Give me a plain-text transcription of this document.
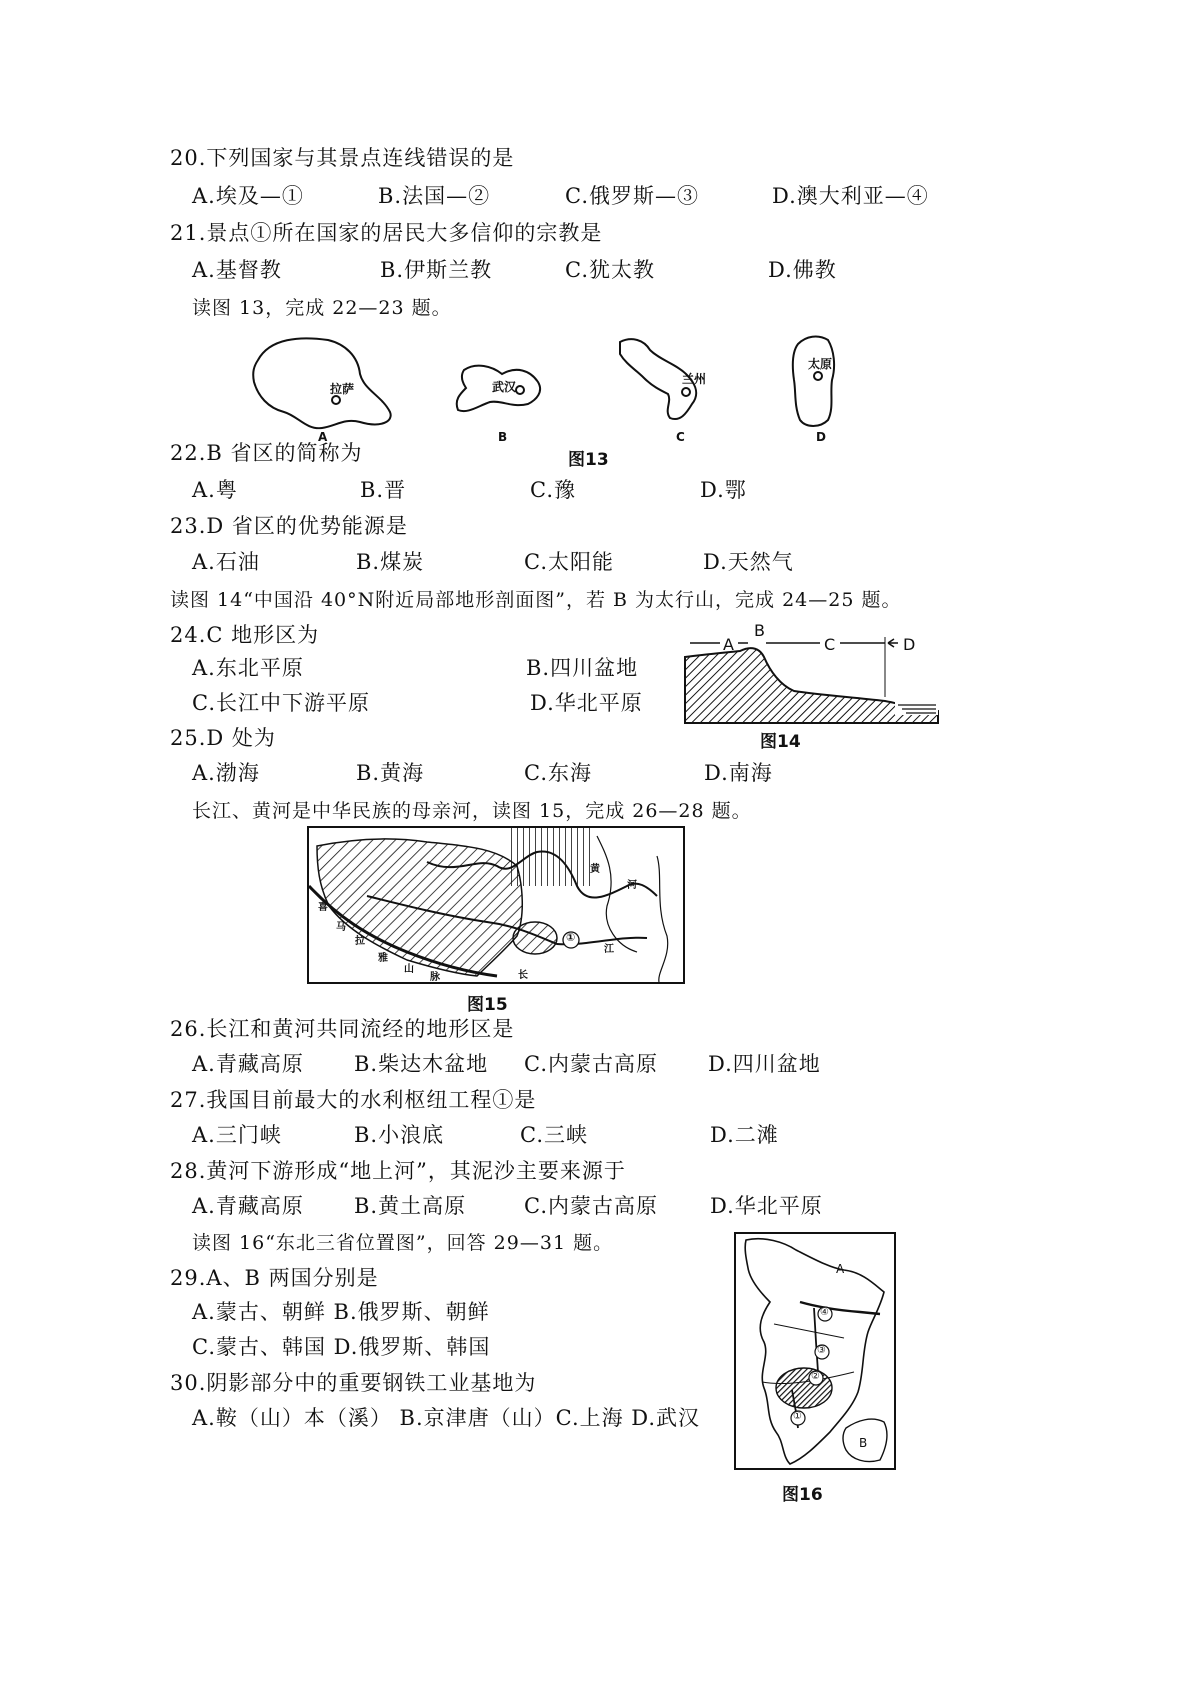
20.下列国家与其景点连线错误的是
A.埃及—①	B.法国—②	C.俄罗斯—③	D.澳大利亚—④
21.景点①所在国家的居民大多信仰的宗教是
A.基督教	B.伊斯兰教	C.犹太教	D.佛教
读图 13，完成 22—23 题。
拉萨	武汉
兰州
太原
A	B	C	D
图13
22.B 省区的简称为
A.粤	B.晋	C.豫	D.鄂
23.D 省区的优势能源是
A.石油	B.煤炭	C.太阳能	D.天然气
读图 14“中国沿 40°N附近局部地形剖面图”，若 B 为太行山，完成 24—25 题。
24.C 地形区为
A.东北平原	B.四川盆地
C.长江中下游平原	D.华北平原
A
B
C	D
图14
25.D 处为
A.渤海	B.黄海	C.东海	D.南海
长江、黄河是中华民族的母亲河，读图 15，完成 26—28 题。
喜
马
拉
雅
山
脉	长
江
黄
河
①
图15
26.长江和黄河共同流经的地形区是
A.青藏高原 B.柴达木盆地 C.内蒙古高原 D.四川盆地
27.我国目前最大的水利枢纽工程①是
A.三门峡	B.小浪底	C.三峡	D.二滩
28.黄河下游形成“地上河”，其泥沙主要来源于
A.青藏高原 B.黄土高原	C.内蒙古高原 D.华北平原
读图 16“东北三省位置图”，回答 29—31 题。
29.A、B 两国分别是
A.蒙古、朝鲜 B.俄罗斯、朝鲜
C.蒙古、韩国 D.俄罗斯、韩国
30.阴影部分中的重要钢铁工业基地为
A.鞍（山）本（溪） B.京津唐（山）C.上海 D.武汉
A
B
①
②
③
④
图16
